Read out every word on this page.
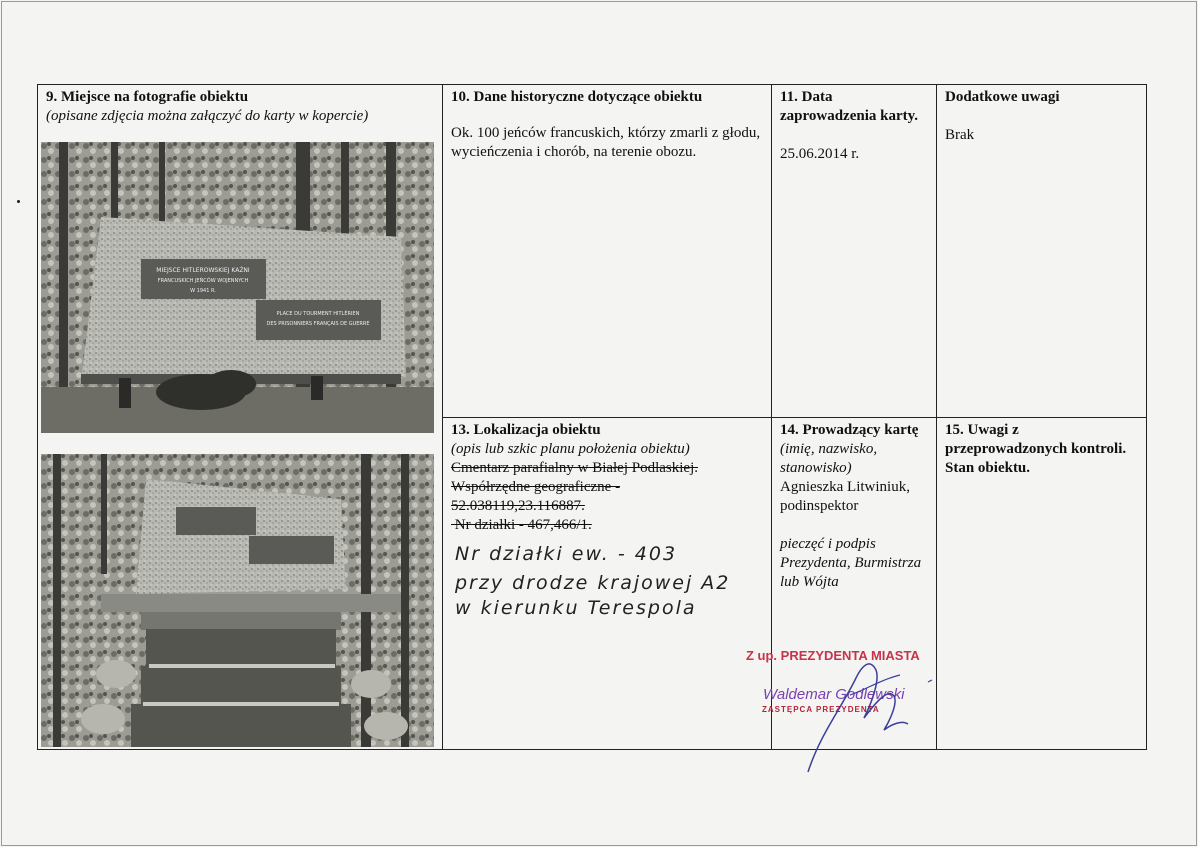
9. Miejsce na fotografie obiektu
(opisane zdjęcia można załączyć do karty w kopercie)
MIEJSCE HITLEROWSKIEJ KAŹNI
FRANCUSKICH JEŃCÓW WOJENNYCH
W 1941 R.
PLACE DU TOURMENT HITLÉRIEN
DES PRISONNIERS FRANÇAIS DE GUERRE
10. Dane historyczne dotyczące obiektu
Ok. 100 jeńców francuskich, którzy zmarli z głodu, wycieńczenia i chorób, na terenie obozu.
11. Data zaprowadzenia karty.
25.06.2014 r.
Dodatkowe uwagi
Brak
13. Lokalizacja obiektu
(opis lub szkic planu położenia obiektu)
Cmentarz parafialny w Białej Podlaskiej.
Współrzędne geograficzne -
52.038119,23.116887.
Nr działki - 467,466/1.
Nr działki ew. - 403
przy drodze krajowej A2
w kierunku Terespola
14. Prowadzący kartę
(imię, nazwisko, stanowisko)
Agnieszka Litwiniuk,
podinspektor
pieczęć i podpis Prezydenta, Burmistrza lub Wójta
15. Uwagi z przeprowadzonych kontroli. Stan obiektu.
Z up. PREZYDENTA MIASTA
Waldemar Godlewski
ZASTĘPCA PREZYDENTA
